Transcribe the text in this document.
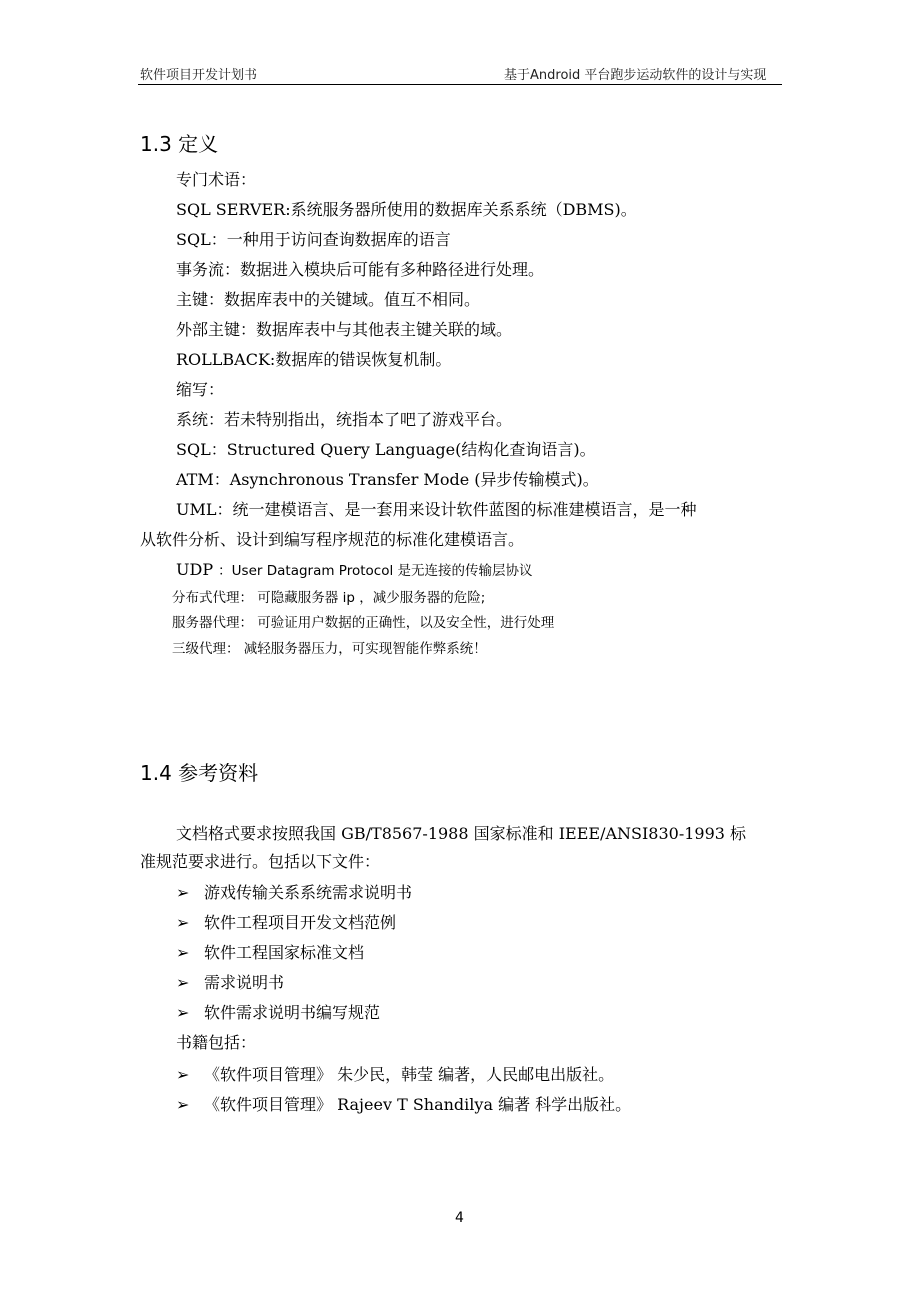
软件项目开发计划书	基于Android 平台跑步运动软件的设计与实现
1.3 定义
专门术语：
SQL SERVER:系统服务器所使用的数据库关系系统（DBMS)。
SQL：一种用于访问查询数据库的语言
事务流：数据进入模块后可能有多种路径进行处理。
主键：数据库表中的关键域。值互不相同。
外部主键：数据库表中与其他表主键关联的域。
ROLLBACK:数据库的错误恢复机制。
缩写：
系统：若未特别指出，统指本了吧了游戏平台。
SQL：Structured Query Language(结构化查询语言)。
ATM：Asynchronous Transfer Mode (异步传输模式)。
UML：统一建模语言、是一套用来设计软件蓝图的标准建模语言，是一种
从软件分析、设计到编写程序规范的标准化建模语言。
UDP ：User Datagram Protocol 是无连接的传输层协议
分布式代理： 可隐藏服务器 ip ，减少服务器的危险;
服务器代理： 可验证用户数据的正确性，以及安全性，进行处理
三级代理： 减轻服务器压力，可实现智能作弊系统！
1.4 参考资料
文档格式要求按照我国 GB/T8567-1988 国家标准和 IEEE/ANSI830-1993 标
准规范要求进行。包括以下文件：
➢ 游戏传输关系系统需求说明书
➢ 软件工程项目开发文档范例
➢ 软件工程国家标准文档
➢ 需求说明书
➢ 软件需求说明书编写规范
书籍包括：
➢ 《软件项目管理》 朱少民，韩莹 编著，人民邮电出版社。
➢ 《软件项目管理》 Rajeev T Shandilya 编著 科学出版社。
4
